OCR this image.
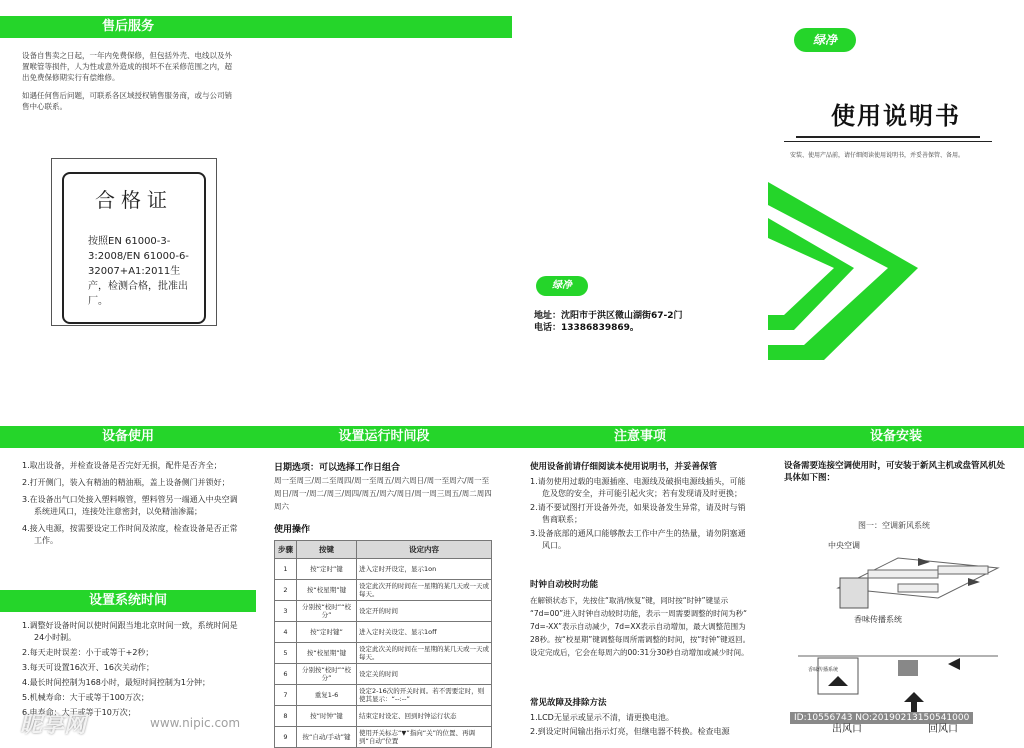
售后服务
设备自售卖之日起，一年内免费保修，但包括外壳、电线以及外置喉管等损件，人为性或意外造成的损坏不在采修范围之内，超出免费保修期实行有偿维修。
如遇任何售后问题，可联系各区域授权销售服务商，或与公司销售中心联系。
合格证
按照EN 61000-3-3:2008/EN 61000-6-32007+A1:2011生产，检测合格，批准出厂。
绿净
地址：沈阳市于洪区微山湖街67-2门
电话：13386839869。
绿净
使用说明书
安装、使用产品前，请仔细阅读使用说明书，并妥善保管、备用。
设备使用
1.取出设备，并检查设备是否完好无损，配件是否齐全；
2.打开侧门，装入有精油的精油瓶，盖上设备侧门并锁好；
3.在设备出气口处接入塑料喉管，塑料管另一端通入中央空调系统进风口，连接处注意密封，以免精油渗漏；
4.接入电源，按需要设定工作时间及浓度，检查设备是否正常工作。
设置系统时间
1.调整好设备时间以使时间跟当地北京时间一致，系统时间是24小时制。
2.每天走时误差：小于或等于+2秒；
3.每天可设置16次开、16次关动作；
4.最长时间控制为168小时，最短时间控制为1分钟；
5.机械寿命：大于或等于100万次；
6.电寿命：大于或等于10万次；
设置运行时间段
日期选项：可以选择工作日组合
周一至周三/周二至周四/周一至周五/周六周日/周一至周六/周一至周日/周一/周二/周三/周四/周五/周六/周日/周一周三周五/周二周四周六
使用操作
步骤	按键	设定内容
1	按“定时”键	进入定时开设定，显示1on
2	按“校星期”键	设定此次开的时间在一星期的某几天或一天或每天。
3	分别按“校时”“校分”	设定开的时间
4	按“定时键”	进入定时关设定、显示1off
5	按“校星期”键	设定此次关的时间在一星期的某几天或一天或每天。
6	分别按“校时”“校分”	设定关的时间
7	重复1-6	设定2-16次的开关时间。若不需要定时，则使其显示：“--:--”
8	按“时钟”键	结束定时设定、回到时钟运行状态
9	按“自动/手动”键	使用开关标志“▼”指向“关”的位置、再调到“自动”位置
注意事项
使用设备前请仔细阅读本使用说明书，并妥善保管
1.请勿使用过载的电源插座、电源线及破损电源线插头，可能危及您的安全，并可能引起火灾；若有发现请及时更换；
2.请不要试图打开设备外壳，如果设备发生异常，请及时与销售商联系；
3.设备底部的通风口能够散去工作中产生的热量，请勿阴塞通风口。
时钟自动校时功能
在解锁状态下，先按住“取消/恢复”键，同时按“时钟”键显示 “7d=00”进入时钟自动较时功能，表示一周需要调整的时间为秒“ 7d=-XX”表示自动减少，7d=XX表示自动增加，最大调整范围为28秒。按“校星期”键调整每周所需调整的时间，按“时钟”键返回。设定完成后，它会在每周六的00:31分30秒自动增加或减少时间。
常见故障及排除方法
1.LCD无显示或显示不清，请更换电池。
2.到设定时间输出指示灯亮，但继电器不转换。检查电源
设备安装
设备需要连接空调使用时，可安装于新风主机或盘管风机处具体如下图：
图一：空调新风系统
中央空调
香味传播系统
香味传播系统
出风口	回风口
昵享网	www.nipic.com	ID:10556743 NO:20190213150541000
